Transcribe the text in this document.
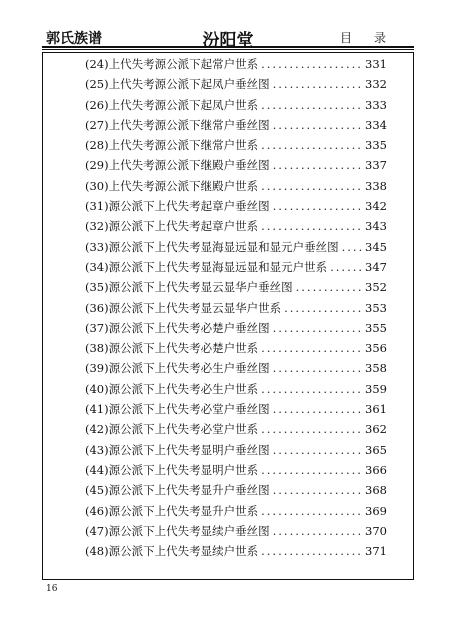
郭氏族谱	汾阳堂	目录
(24)上代失考源公派下起常户世系 .....	331
(25)上代失考源公派下起凤户垂丝图 .....	332
(26)上代失考源公派下起凤户世系 .....	333
(27)上代失考源公派下继常户垂丝图 .....	334
(28)上代失考源公派下继常户世系 .....	335
(29)上代失考源公派下继殿户垂丝图 .....	337
(30)上代失考源公派下继殿户世系 .....	338
(31)源公派下上代失考起章户垂丝图 .....	342
(32)源公派下上代失考起章户世系 .....	343
(33)源公派下上代失考显海显远显和显元户垂丝图 ..... 345
(34)源公派下上代失考显海显远显和显元户世系 .....	347
(35)源公派下上代失考显云显华户垂丝图 .....	352
(36)源公派下上代失考显云显华户世系 .....	353
(37)源公派下上代失考必楚户垂丝图 .....	355
(38)源公派下上代失考必楚户世系 .....	356
(39)源公派下上代失考必生户垂丝图 .....	358
(40)源公派下上代失考必生户世系 .....	359
(41)源公派下上代失考必堂户垂丝图 .....	361
(42)源公派下上代失考必堂户世系 .....	362
(43)源公派下上代失考显明户垂丝图 .....	365
(44)源公派下上代失考显明户世系 .....	366
(45)源公派下上代失考显升户垂丝图 .....	368
(46)源公派下上代失考显升户世系 .....	369
(47)源公派下上代失考显续户垂丝图 .....	370
(48)源公派下上代失考显续户世系 .....	371
16
